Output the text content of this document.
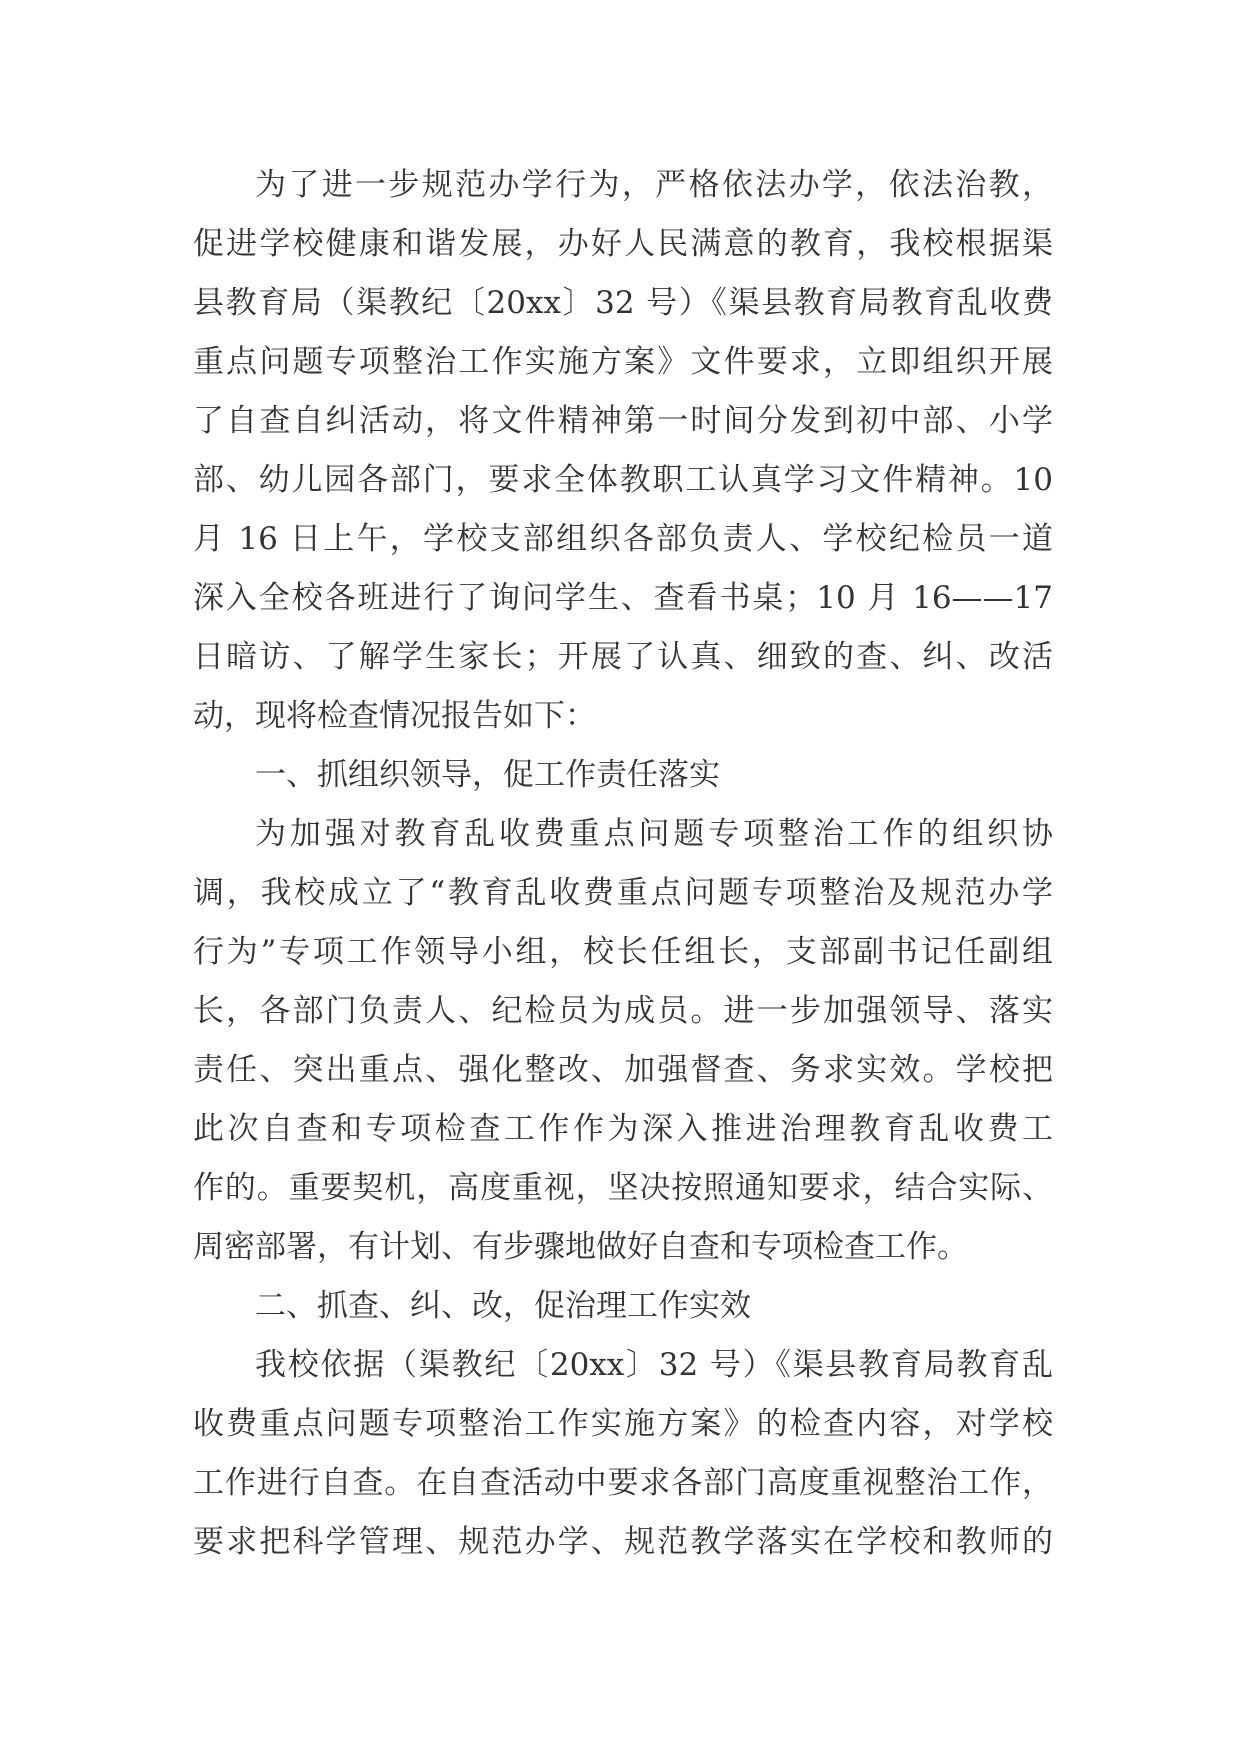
为了进一步规范办学行为，严格依法办学，依法治教，
促进学校健康和谐发展，办好人民满意的教育，我校根据渠
县教育局（渠教纪〔20xx〕32 号）《渠县教育局教育乱收费
重点问题专项整治工作实施方案》文件要求，立即组织开展
了自查自纠活动，将文件精神第一时间分发到初中部、小学
部、幼儿园各部门，要求全体教职工认真学习文件精神。10
月 16 日上午，学校支部组织各部负责人、学校纪检员一道
深入全校各班进行了询问学生、查看书桌；10 月 16——17
日暗访、了解学生家长；开展了认真、细致的查、纠、改活
动，现将检查情况报告如下：
一、抓组织领导，促工作责任落实
为加强对教育乱收费重点问题专项整治工作的组织协
调，我校成立了“教育乱收费重点问题专项整治及规范办学
行为”专项工作领导小组，校长任组长，支部副书记任副组
长，各部门负责人、纪检员为成员。进一步加强领导、落实
责任、突出重点、强化整改、加强督查、务求实效。学校把
此次自查和专项检查工作作为深入推进治理教育乱收费工
作的。重要契机，高度重视，坚决按照通知要求，结合实际、
周密部署，有计划、有步骤地做好自查和专项检查工作。
二、抓查、纠、改，促治理工作实效
我校依据（渠教纪〔20xx〕32 号）《渠县教育局教育乱
收费重点问题专项整治工作实施方案》的检查内容，对学校
工作进行自查。在自查活动中要求各部门高度重视整治工作，
要求把科学管理、规范办学、规范教学落实在学校和教师的
